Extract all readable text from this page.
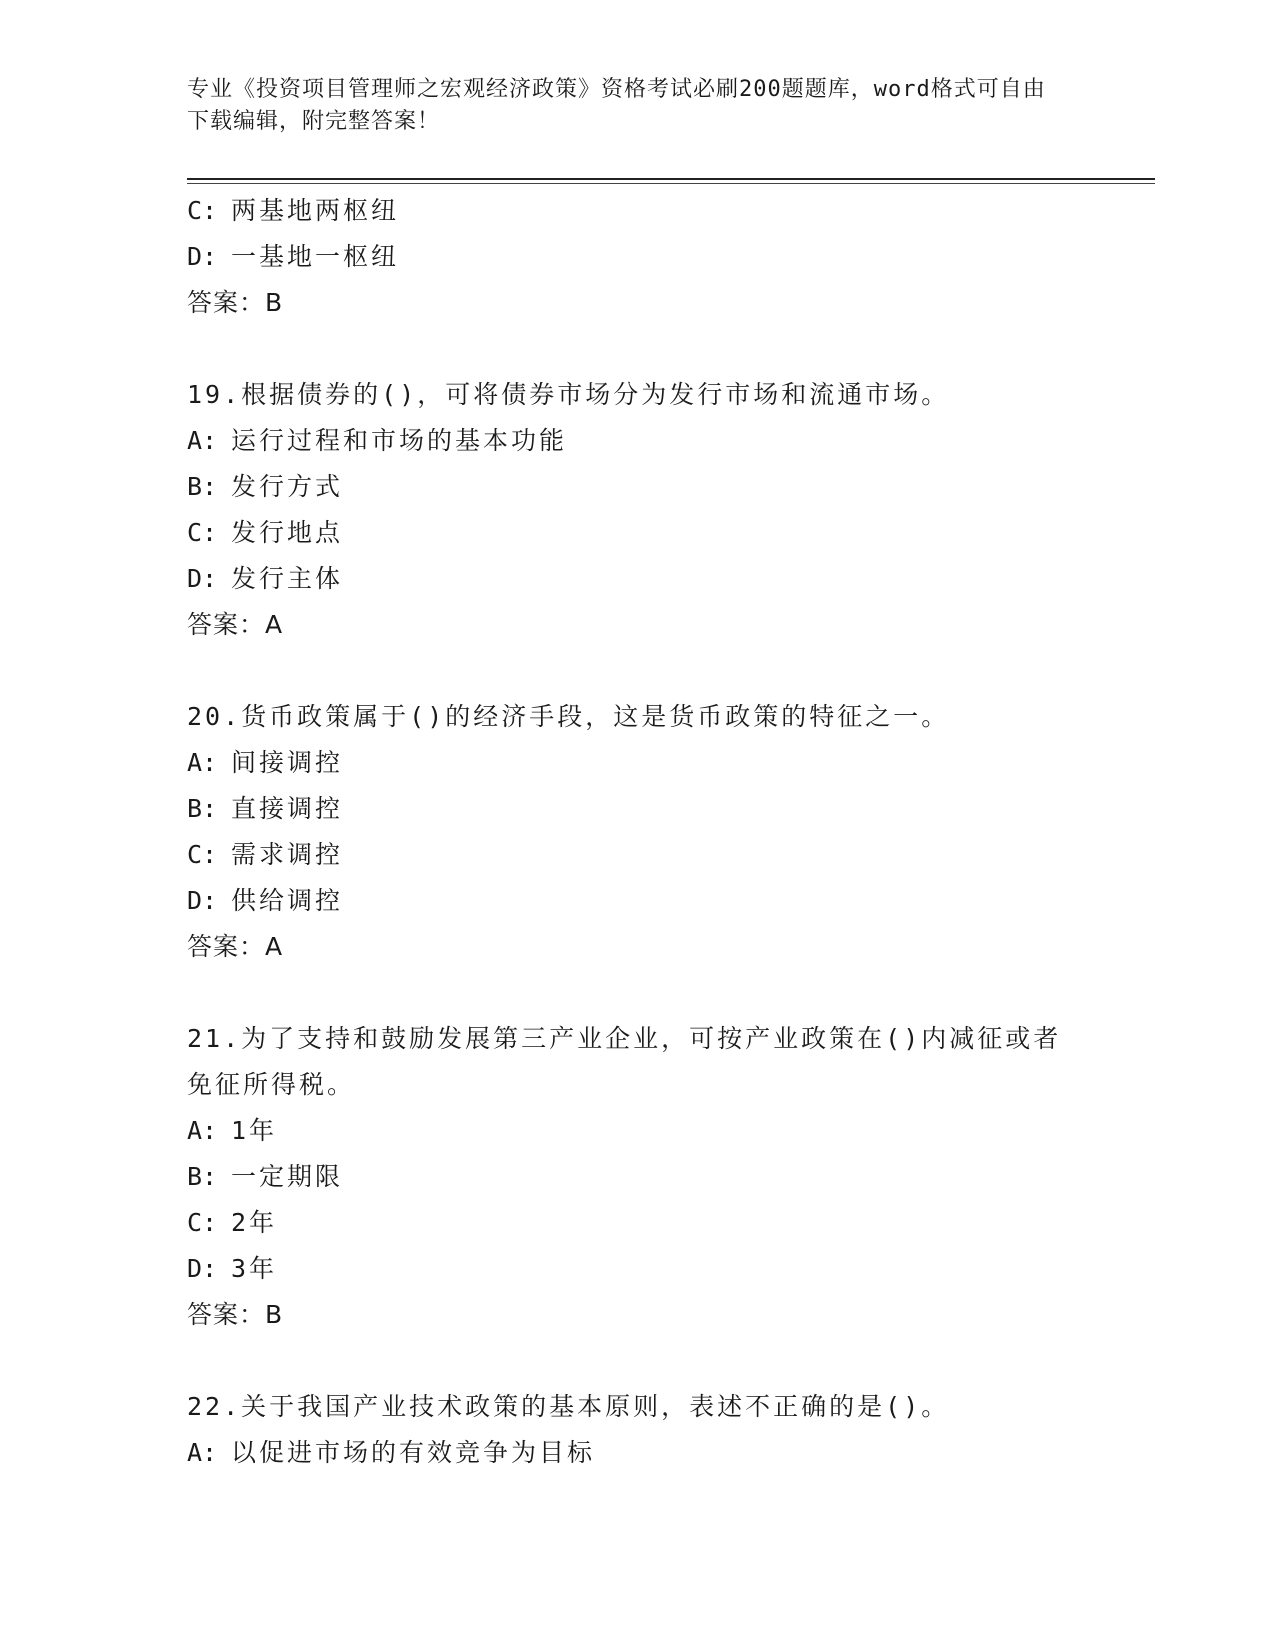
专业《投资项目管理师之宏观经济政策》资格考试必刷200题题库，word格式可自由下载编辑，附完整答案！
C: 两基地两枢纽
D: 一基地一枢纽
答案：B
19.根据债券的()，可将债券市场分为发行市场和流通市场。
A: 运行过程和市场的基本功能
B: 发行方式
C: 发行地点
D: 发行主体
答案：A
20.货币政策属于()的经济手段，这是货币政策的特征之一。
A: 间接调控
B: 直接调控
C: 需求调控
D: 供给调控
答案：A
21.为了支持和鼓励发展第三产业企业，可按产业政策在()内减征或者免征所得税。
A: 1年
B: 一定期限
C: 2年
D: 3年
答案：B
22.关于我国产业技术政策的基本原则，表述不正确的是()。
A: 以促进市场的有效竞争为目标
